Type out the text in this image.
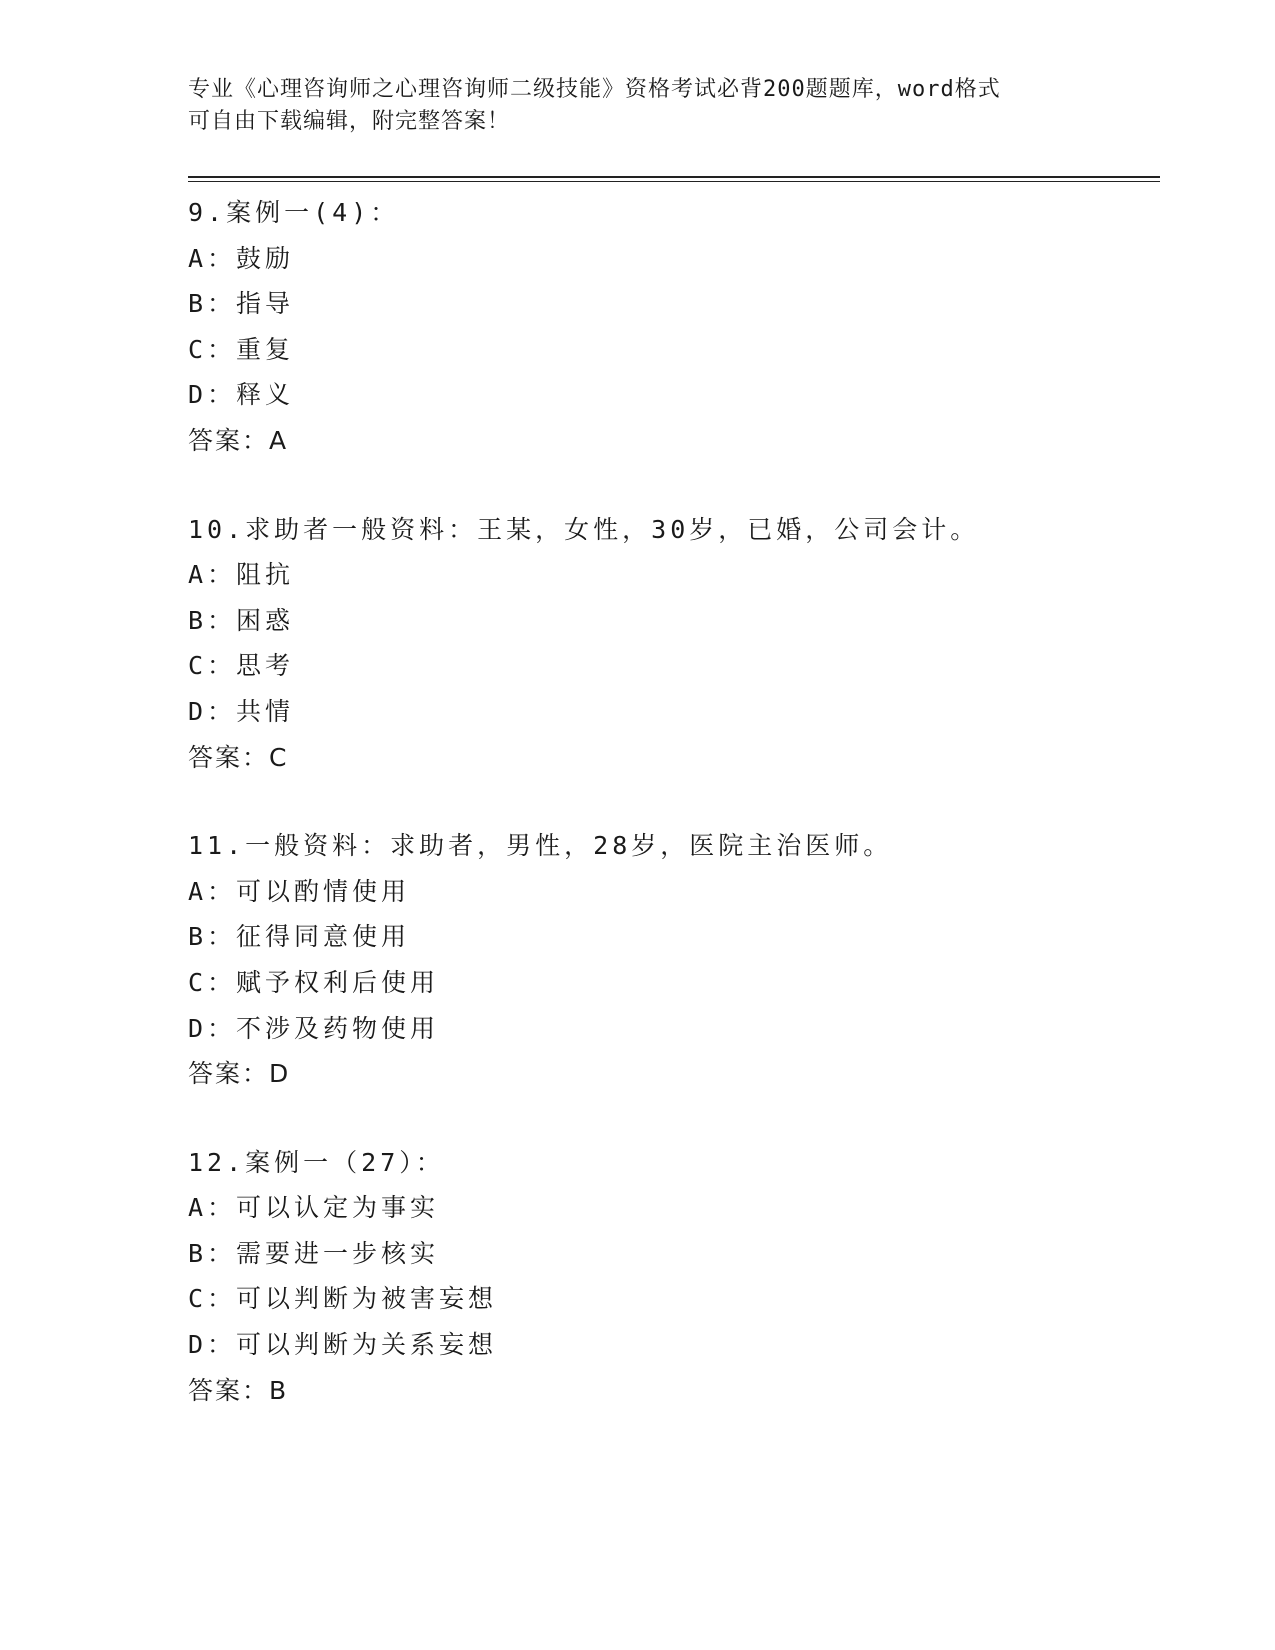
专业《心理咨询师之心理咨询师二级技能》资格考试必背200题题库，word格式
可自由下载编辑，附完整答案！
9.案例一(4)：
A：鼓励
B：指导
C：重复
D：释义
答案：A
10.求助者一般资料：王某，女性，30岁，已婚，公司会计。
A：阻抗
B：困惑
C：思考
D：共情
答案：C
11.一般资料：求助者，男性，28岁，医院主治医师。
A：可以酌情使用
B：征得同意使用
C：赋予权利后使用
D：不涉及药物使用
答案：D
12.案例一（27）：
A：可以认定为事实
B：需要进一步核实
C：可以判断为被害妄想
D：可以判断为关系妄想
答案：B
